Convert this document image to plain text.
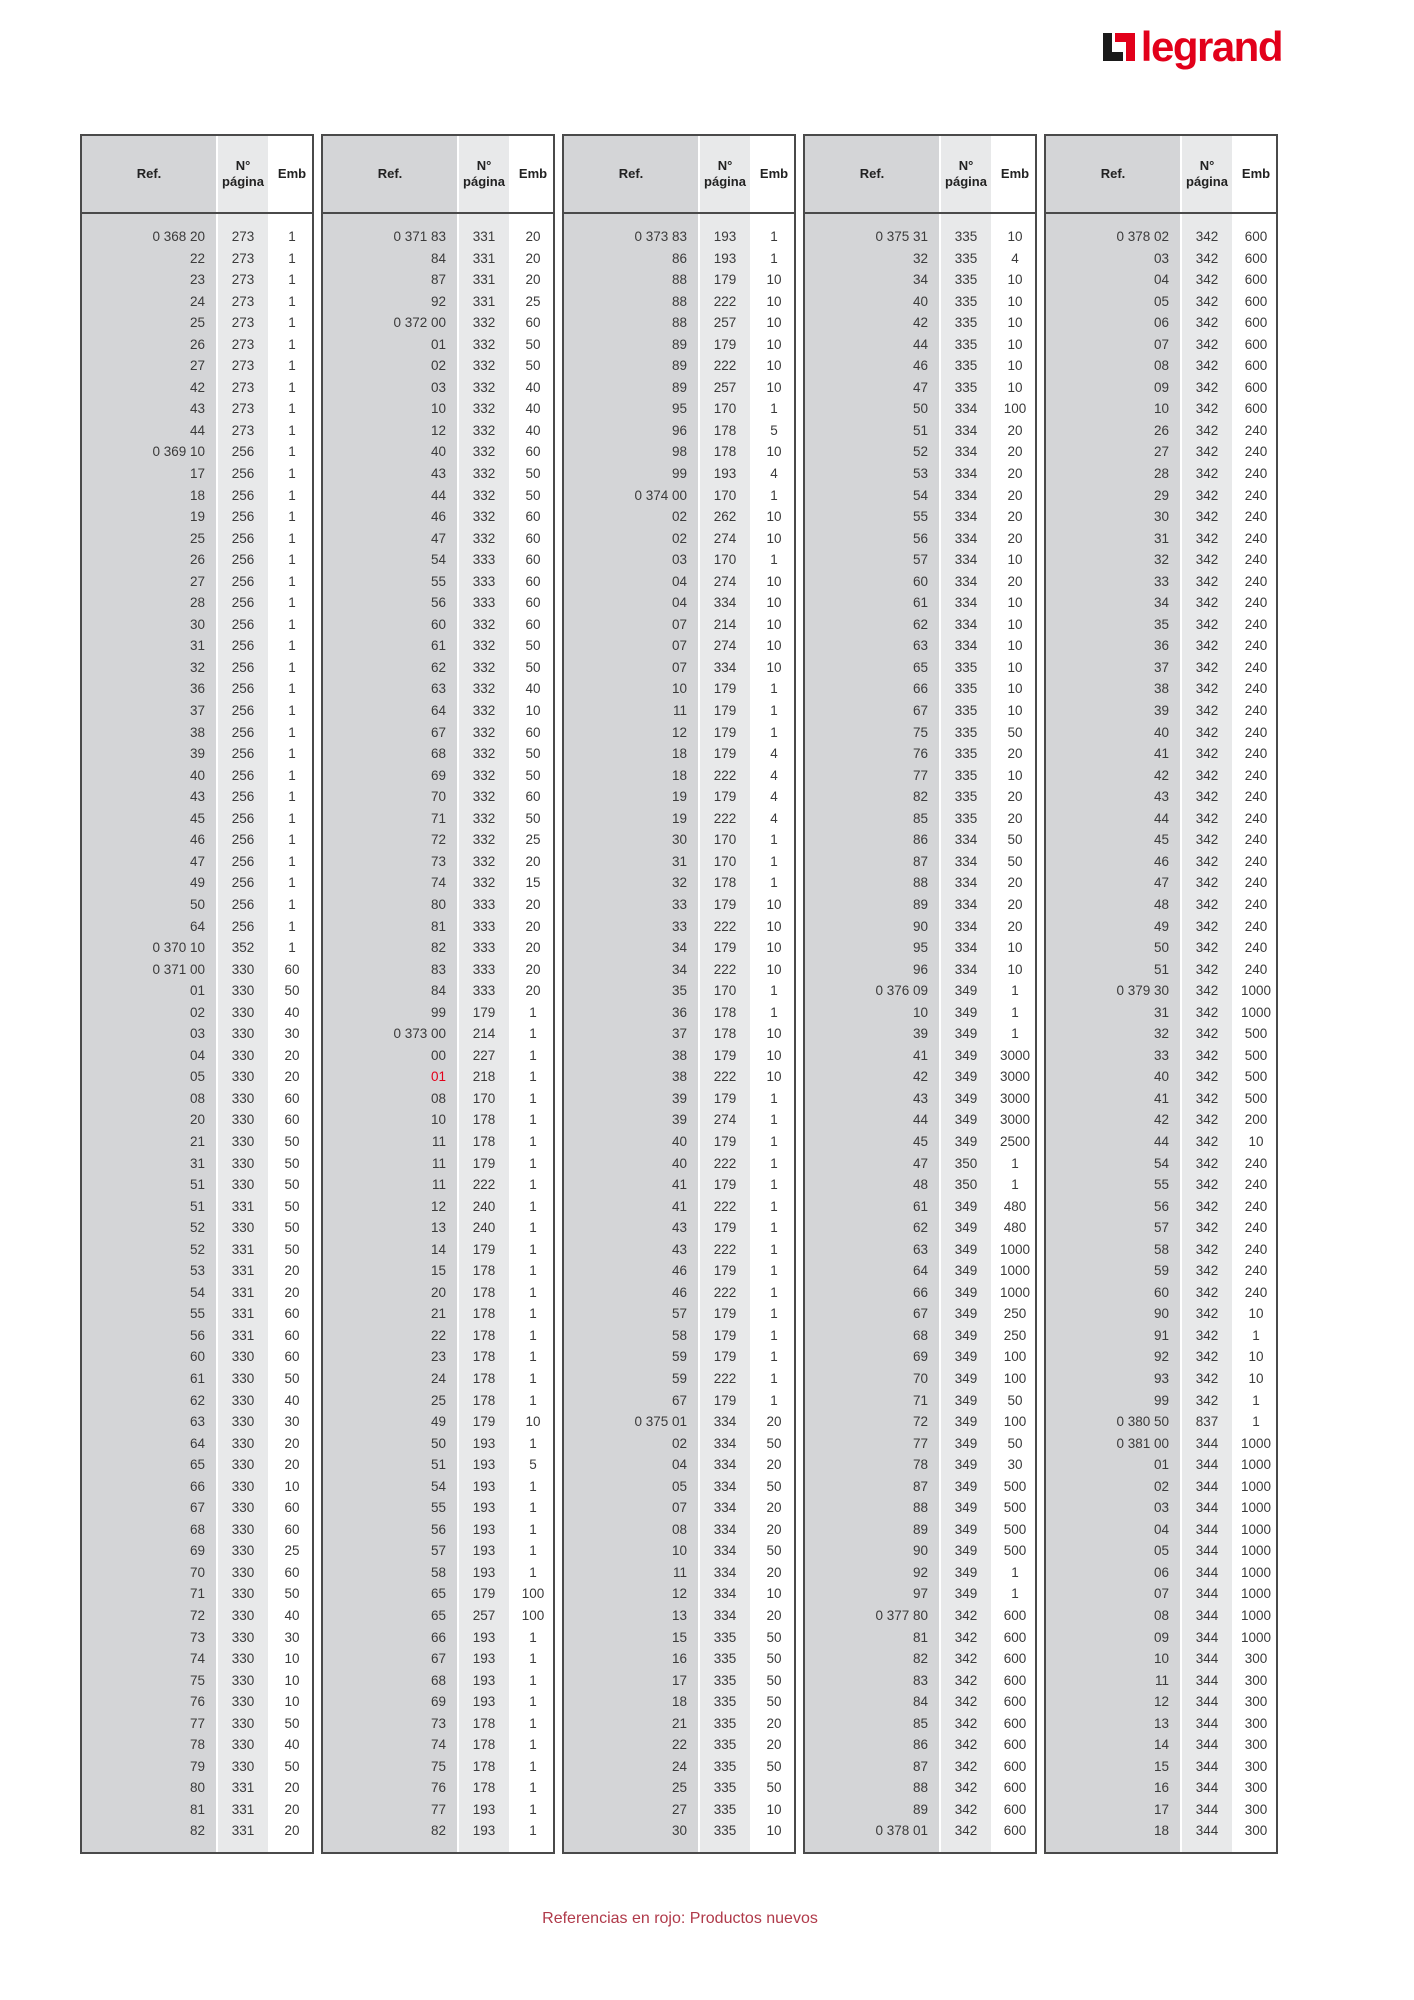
legrand
Ref.
N°
página
Emb
0 368 20	273	1
22	273	1
23	273	1
24	273	1
25	273	1
26	273	1
27	273	1
42	273	1
43	273	1
44	273	1
0 369 10	256	1
17	256	1
18	256	1
19	256	1
25	256	1
26	256	1
27	256	1
28	256	1
30	256	1
31	256	1
32	256	1
36	256	1
37	256	1
38	256	1
39	256	1
40	256	1
43	256	1
45	256	1
46	256	1
47	256	1
49	256	1
50	256	1
64	256	1
0 370 10	352	1
0 371 00	330	60
01	330	50
02	330	40
03	330	30
04	330	20
05	330	20
08	330	60
20	330	60
21	330	50
31	330	50
51	330	50
51	331	50
52	330	50
52	331	50
53	331	20
54	331	20
55	331	60
56	331	60
60	330	60
61	330	50
62	330	40
63	330	30
64	330	20
65	330	20
66	330	10
67	330	60
68	330	60
69	330	25
70	330	60
71	330	50
72	330	40
73	330	30
74	330	10
75	330	10
76	330	10
77	330	50
78	330	40
79	330	50
80	331	20
81	331	20
82	331	20
Ref.
N°
página
Emb
0 371 83	331	20
84	331	20
87	331	20
92	331	25
0 372 00	332	60
01	332	50
02	332	50
03	332	40
10	332	40
12	332	40
40	332	60
43	332	50
44	332	50
46	332	60
47	332	60
54	333	60
55	333	60
56	333	60
60	332	60
61	332	50
62	332	50
63	332	40
64	332	10
67	332	60
68	332	50
69	332	50
70	332	60
71	332	50
72	332	25
73	332	20
74	332	15
80	333	20
81	333	20
82	333	20
83	333	20
84	333	20
99	179	1
0 373 00	214	1
00	227	1
01	218	1
08	170	1
10	178	1
11	178	1
11	179	1
11	222	1
12	240	1
13	240	1
14	179	1
15	178	1
20	178	1
21	178	1
22	178	1
23	178	1
24	178	1
25	178	1
49	179	10
50	193	1
51	193	5
54	193	1
55	193	1
56	193	1
57	193	1
58	193	1
65	179	100
65	257	100
66	193	1
67	193	1
68	193	1
69	193	1
73	178	1
74	178	1
75	178	1
76	178	1
77	193	1
82	193	1
Ref.
N°
página
Emb
0 373 83	193	1
86	193	1
88	179	10
88	222	10
88	257	10
89	179	10
89	222	10
89	257	10
95	170	1
96	178	5
98	178	10
99	193	4
0 374 00	170	1
02	262	10
02	274	10
03	170	1
04	274	10
04	334	10
07	214	10
07	274	10
07	334	10
10	179	1
11	179	1
12	179	1
18	179	4
18	222	4
19	179	4
19	222	4
30	170	1
31	170	1
32	178	1
33	179	10
33	222	10
34	179	10
34	222	10
35	170	1
36	178	1
37	178	10
38	179	10
38	222	10
39	179	1
39	274	1
40	179	1
40	222	1
41	179	1
41	222	1
43	179	1
43	222	1
46	179	1
46	222	1
57	179	1
58	179	1
59	179	1
59	222	1
67	179	1
0 375 01	334	20
02	334	50
04	334	20
05	334	50
07	334	20
08	334	20
10	334	50
11	334	20
12	334	10
13	334	20
15	335	50
16	335	50
17	335	50
18	335	50
21	335	20
22	335	20
24	335	50
25	335	50
27	335	10
30	335	10
Ref.
N°
página
Emb
0 375 31	335	10
32	335	4
34	335	10
40	335	10
42	335	10
44	335	10
46	335	10
47	335	10
50	334	100
51	334	20
52	334	20
53	334	20
54	334	20
55	334	20
56	334	20
57	334	10
60	334	20
61	334	10
62	334	10
63	334	10
65	335	10
66	335	10
67	335	10
75	335	50
76	335	20
77	335	10
82	335	20
85	335	20
86	334	50
87	334	50
88	334	20
89	334	20
90	334	20
95	334	10
96	334	10
0 376 09	349	1
10	349	1
39	349	1
41	349	3000
42	349	3000
43	349	3000
44	349	3000
45	349	2500
47	350	1
48	350	1
61	349	480
62	349	480
63	349	1000
64	349	1000
66	349	1000
67	349	250
68	349	250
69	349	100
70	349	100
71	349	50
72	349	100
77	349	50
78	349	30
87	349	500
88	349	500
89	349	500
90	349	500
92	349	1
97	349	1
0 377 80	342	600
81	342	600
82	342	600
83	342	600
84	342	600
85	342	600
86	342	600
87	342	600
88	342	600
89	342	600
0 378 01	342	600
Ref.
N°
página
Emb
0 378 02	342	600
03	342	600
04	342	600
05	342	600
06	342	600
07	342	600
08	342	600
09	342	600
10	342	600
26	342	240
27	342	240
28	342	240
29	342	240
30	342	240
31	342	240
32	342	240
33	342	240
34	342	240
35	342	240
36	342	240
37	342	240
38	342	240
39	342	240
40	342	240
41	342	240
42	342	240
43	342	240
44	342	240
45	342	240
46	342	240
47	342	240
48	342	240
49	342	240
50	342	240
51	342	240
0 379 30	342	1000
31	342	1000
32	342	500
33	342	500
40	342	500
41	342	500
42	342	200
44	342	10
54	342	240
55	342	240
56	342	240
57	342	240
58	342	240
59	342	240
60	342	240
90	342	10
91	342	1
92	342	10
93	342	10
99	342	1
0 380 50	837	1
0 381 00	344	1000
01	344	1000
02	344	1000
03	344	1000
04	344	1000
05	344	1000
06	344	1000
07	344	1000
08	344	1000
09	344	1000
10	344	300
11	344	300
12	344	300
13	344	300
14	344	300
15	344	300
16	344	300
17	344	300
18	344	300
Referencias en rojo: Productos nuevos
